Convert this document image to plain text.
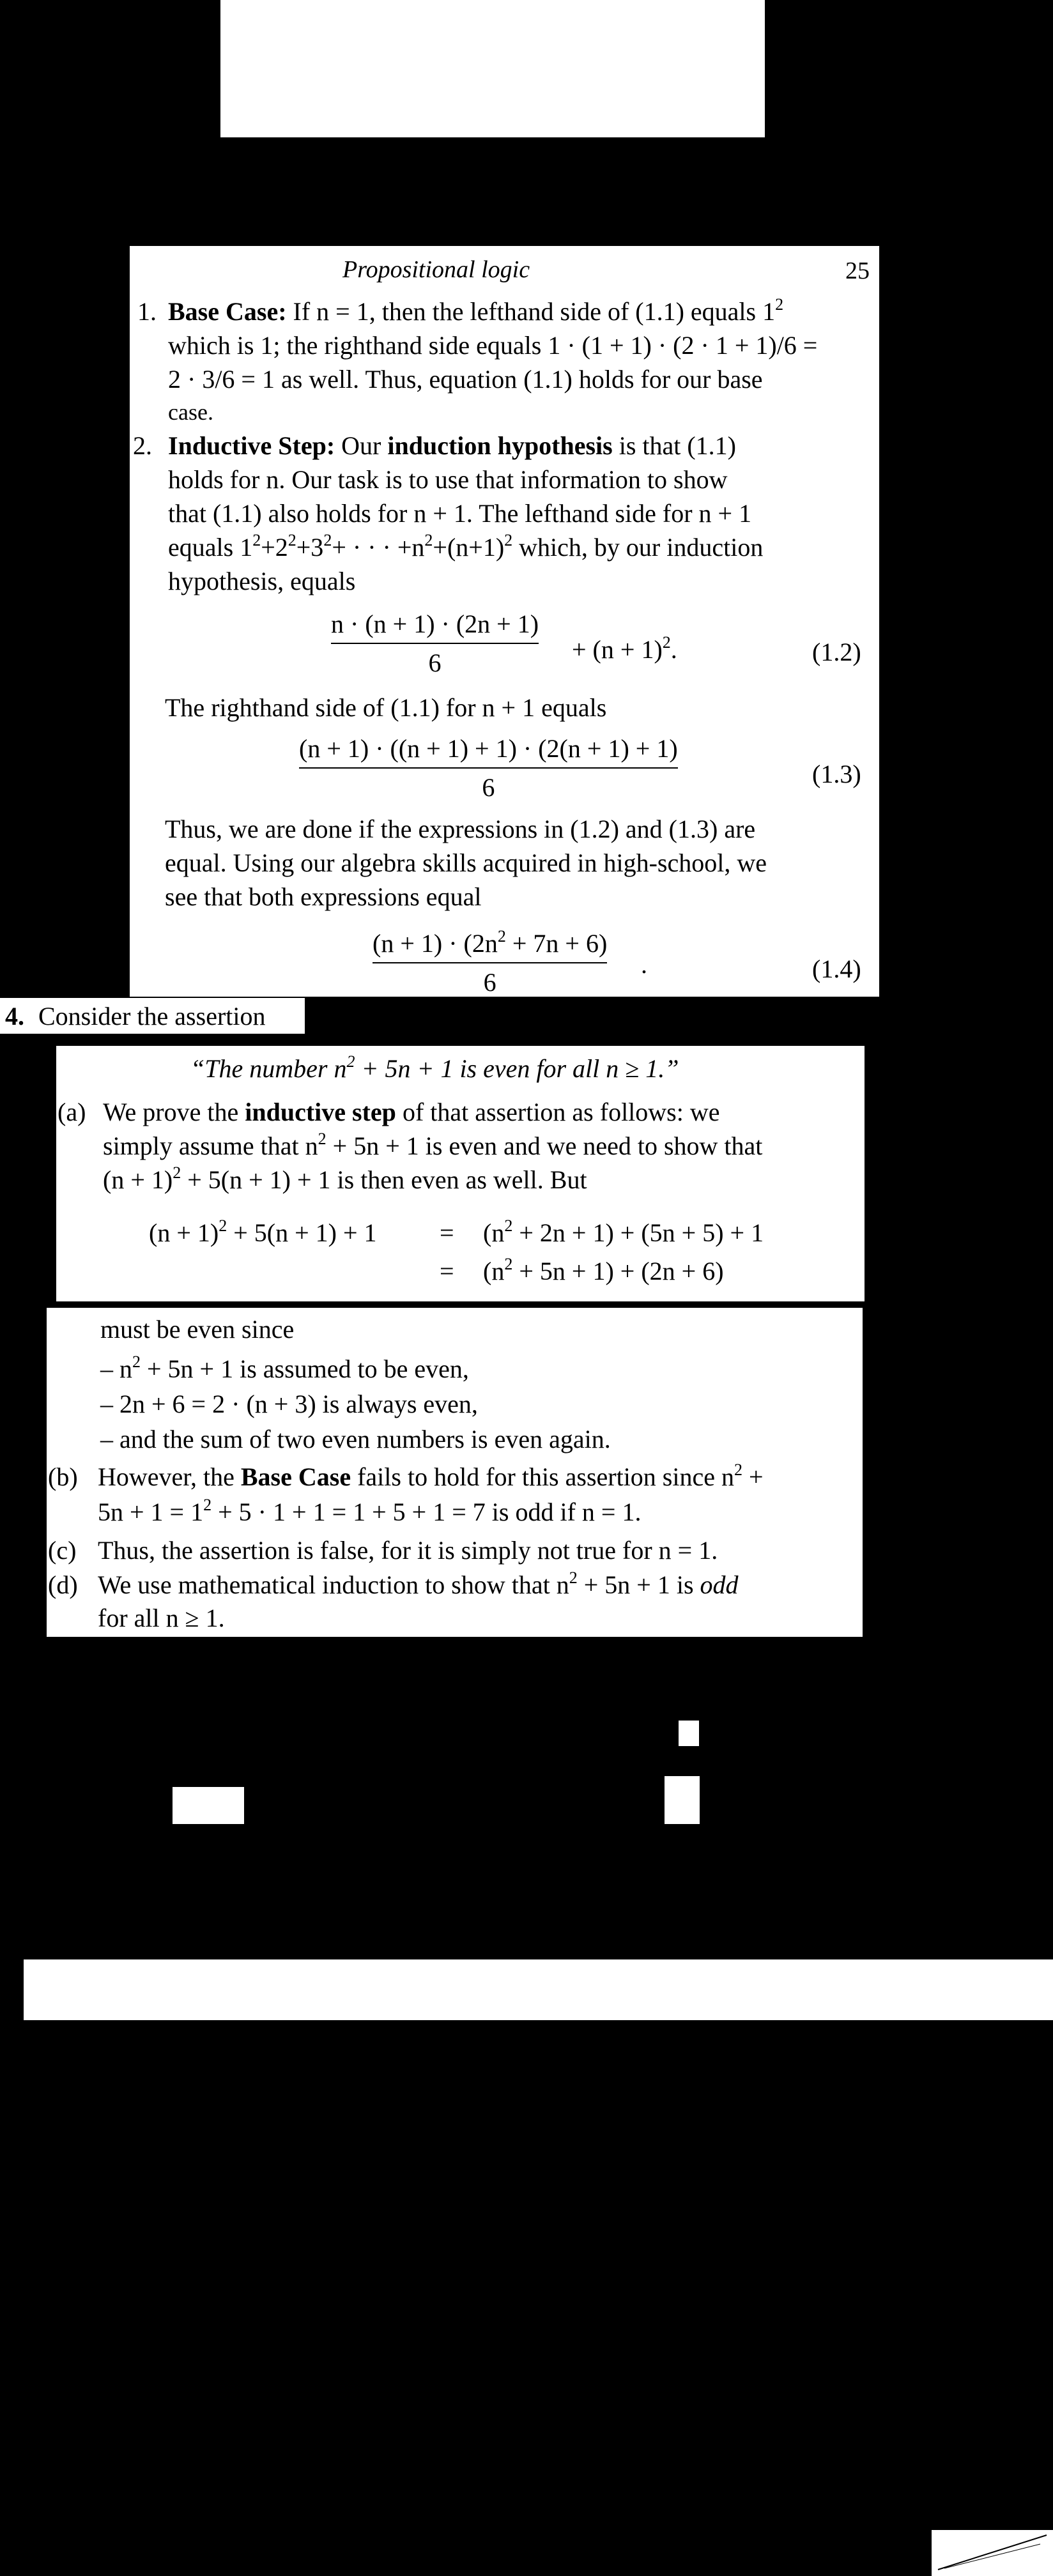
Propositional logic	25
1. Base Case: If n = 1, then the lefthand side of (1.1) equals $1^2$
which is 1; the righthand side equals 1 · (1 + 1) · (2 · 1 + 1)/6 =
2 · 3/6 = 1 as well. Thus, equation (1.1) holds for our base
case.
2. Inductive Step: Our induction hypothesis is that (1.1)
holds for n. Our task is to use that information to show
that (1.1) also holds for n + 1. The lefthand side for n + 1
equals $1^2+2^2+3^2+$ · · · $+n^2+(n+1)^2$ which, by our induction
hypothesis, equals
n · (n + 1) · (2n + 1)
6	+ $(n + 1)^2$.	(1.2)
The righthand side of (1.1) for n + 1 equals
(n + 1) · ((n + 1) + 1) · (2(n + 1) + 1)
6	(1.3)
Thus, we are done if the expressions in (1.2) and (1.3) are
equal. Using our algebra skills acquired in high-school, we
see that both expressions equal
$(n + 1) \cdot (2n^2 + 7n + 6)$
6
.	(1.4)
4. Consider the assertion
“The number $n^2 + 5n + 1$ is even for all n ≥ 1.”
(a) We prove the inductive step of that assertion as follows: we
simply assume that $n^2 + 5n + 1$ is even and we need to show that
$(n + 1)^2 + 5(n + 1) + 1$ is then even as well. But
$(n + 1)^2 + 5(n + 1) + 1 = (n^2 + 2n + 1) + (5n + 5) + 1$
= $(n^2 + 5n + 1) + (2n + 6)$
must be even since
– $n^2 + 5n + 1$ is assumed to be even,
– 2n + 6 = 2 · (n + 3) is always even,
– and the sum of two even numbers is even again.
(b) However, the Base Case fails to hold for this assertion since $n^2$ +
$5n + 1 = 1^2 + 5 \cdot 1 + 1 = 1 + 5 + 1 = 7$ is odd if n = 1.
(c) Thus, the assertion is false, for it is simply not true for n = 1.
(d) We use mathematical induction to show that $n^2 + 5n + 1$ is odd
for all n ≥ 1.
